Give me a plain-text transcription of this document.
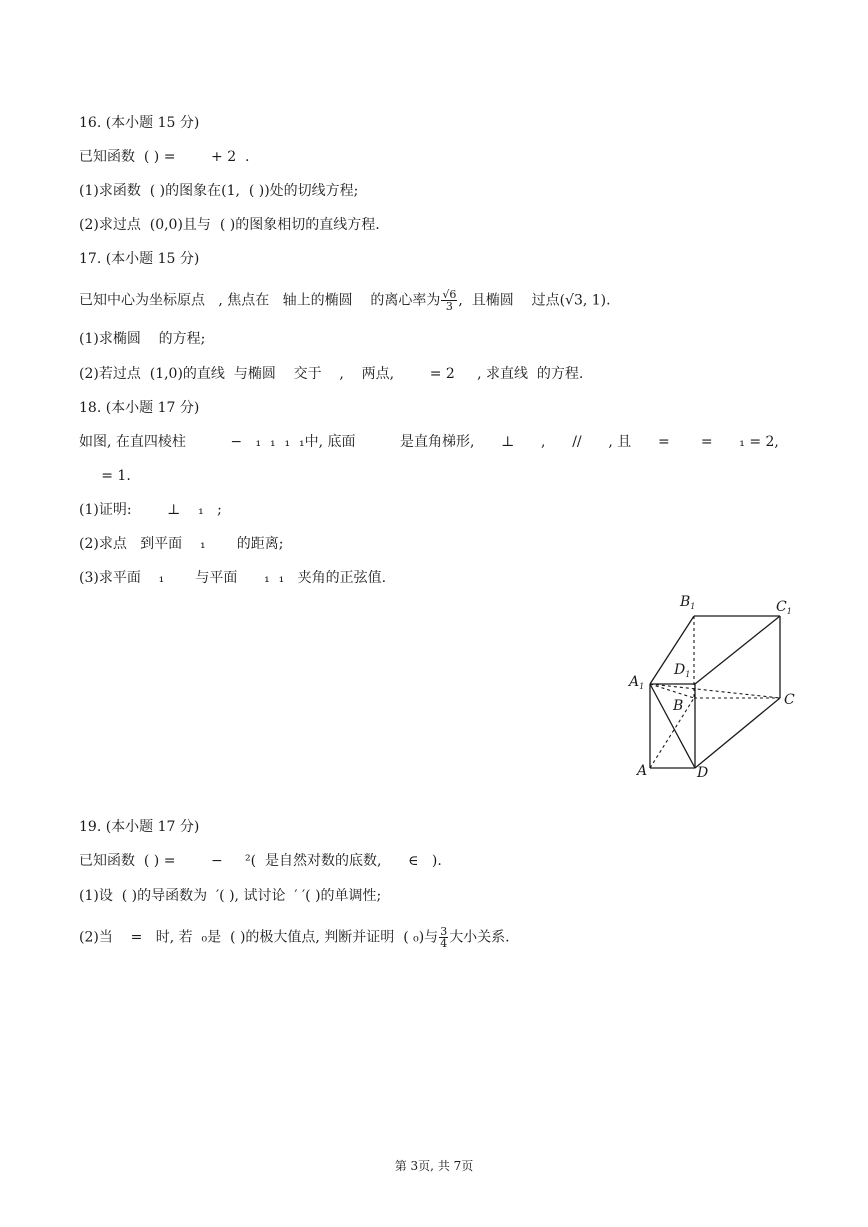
16. (本小题 15 分)
已知函数  ( ) =        + 2  .
(1)求函数  ( )的图象在(1,  ( ))处的切线方程;
(2)求过点  (0,0)且与  ( )的图象相切的直线方程.
17. (本小题 15 分)
已知中心为坐标原点   , 焦点在   轴上的椭圆    的离心率为 $\frac{√6}{3}$ ,  且椭圆    过点(√3, 1).
(1)求椭圆    的方程;
(2)若过点  (1,0)的直线  与椭圆    交于    ,    两点,        = 2     , 求直线  的方程.
18. (本小题 17 分)
如图, 在直四棱柱          −   ₁  ₁  ₁  ₁中, 底面          是直角梯形,      ⊥      ,      //      , 且      =       =      ₁ = 2,
= 1.
(1)证明:        ⊥    ₁   ;
(2)求点   到平面    ₁       的距离;
(3)求平面    ₁       与平面      ₁  ₁   夹角的正弦值.
$B_1$	$C_1$
$D_1$
$A_1$
B	C
A	D
19. (本小题 17 分)
已知函数  ( ) =        −     ²(  是自然对数的底数,      ∈   ).
(1)设  ( )的导函数为  ′( ), 试讨论  ′ ′( )的单调性;
(2)当    =   时, 若  ₀是  ( )的极大值点, 判断并证明  ( ₀)与 $\frac{3}{4}$ 大小关系.
第 3页, 共 7页
